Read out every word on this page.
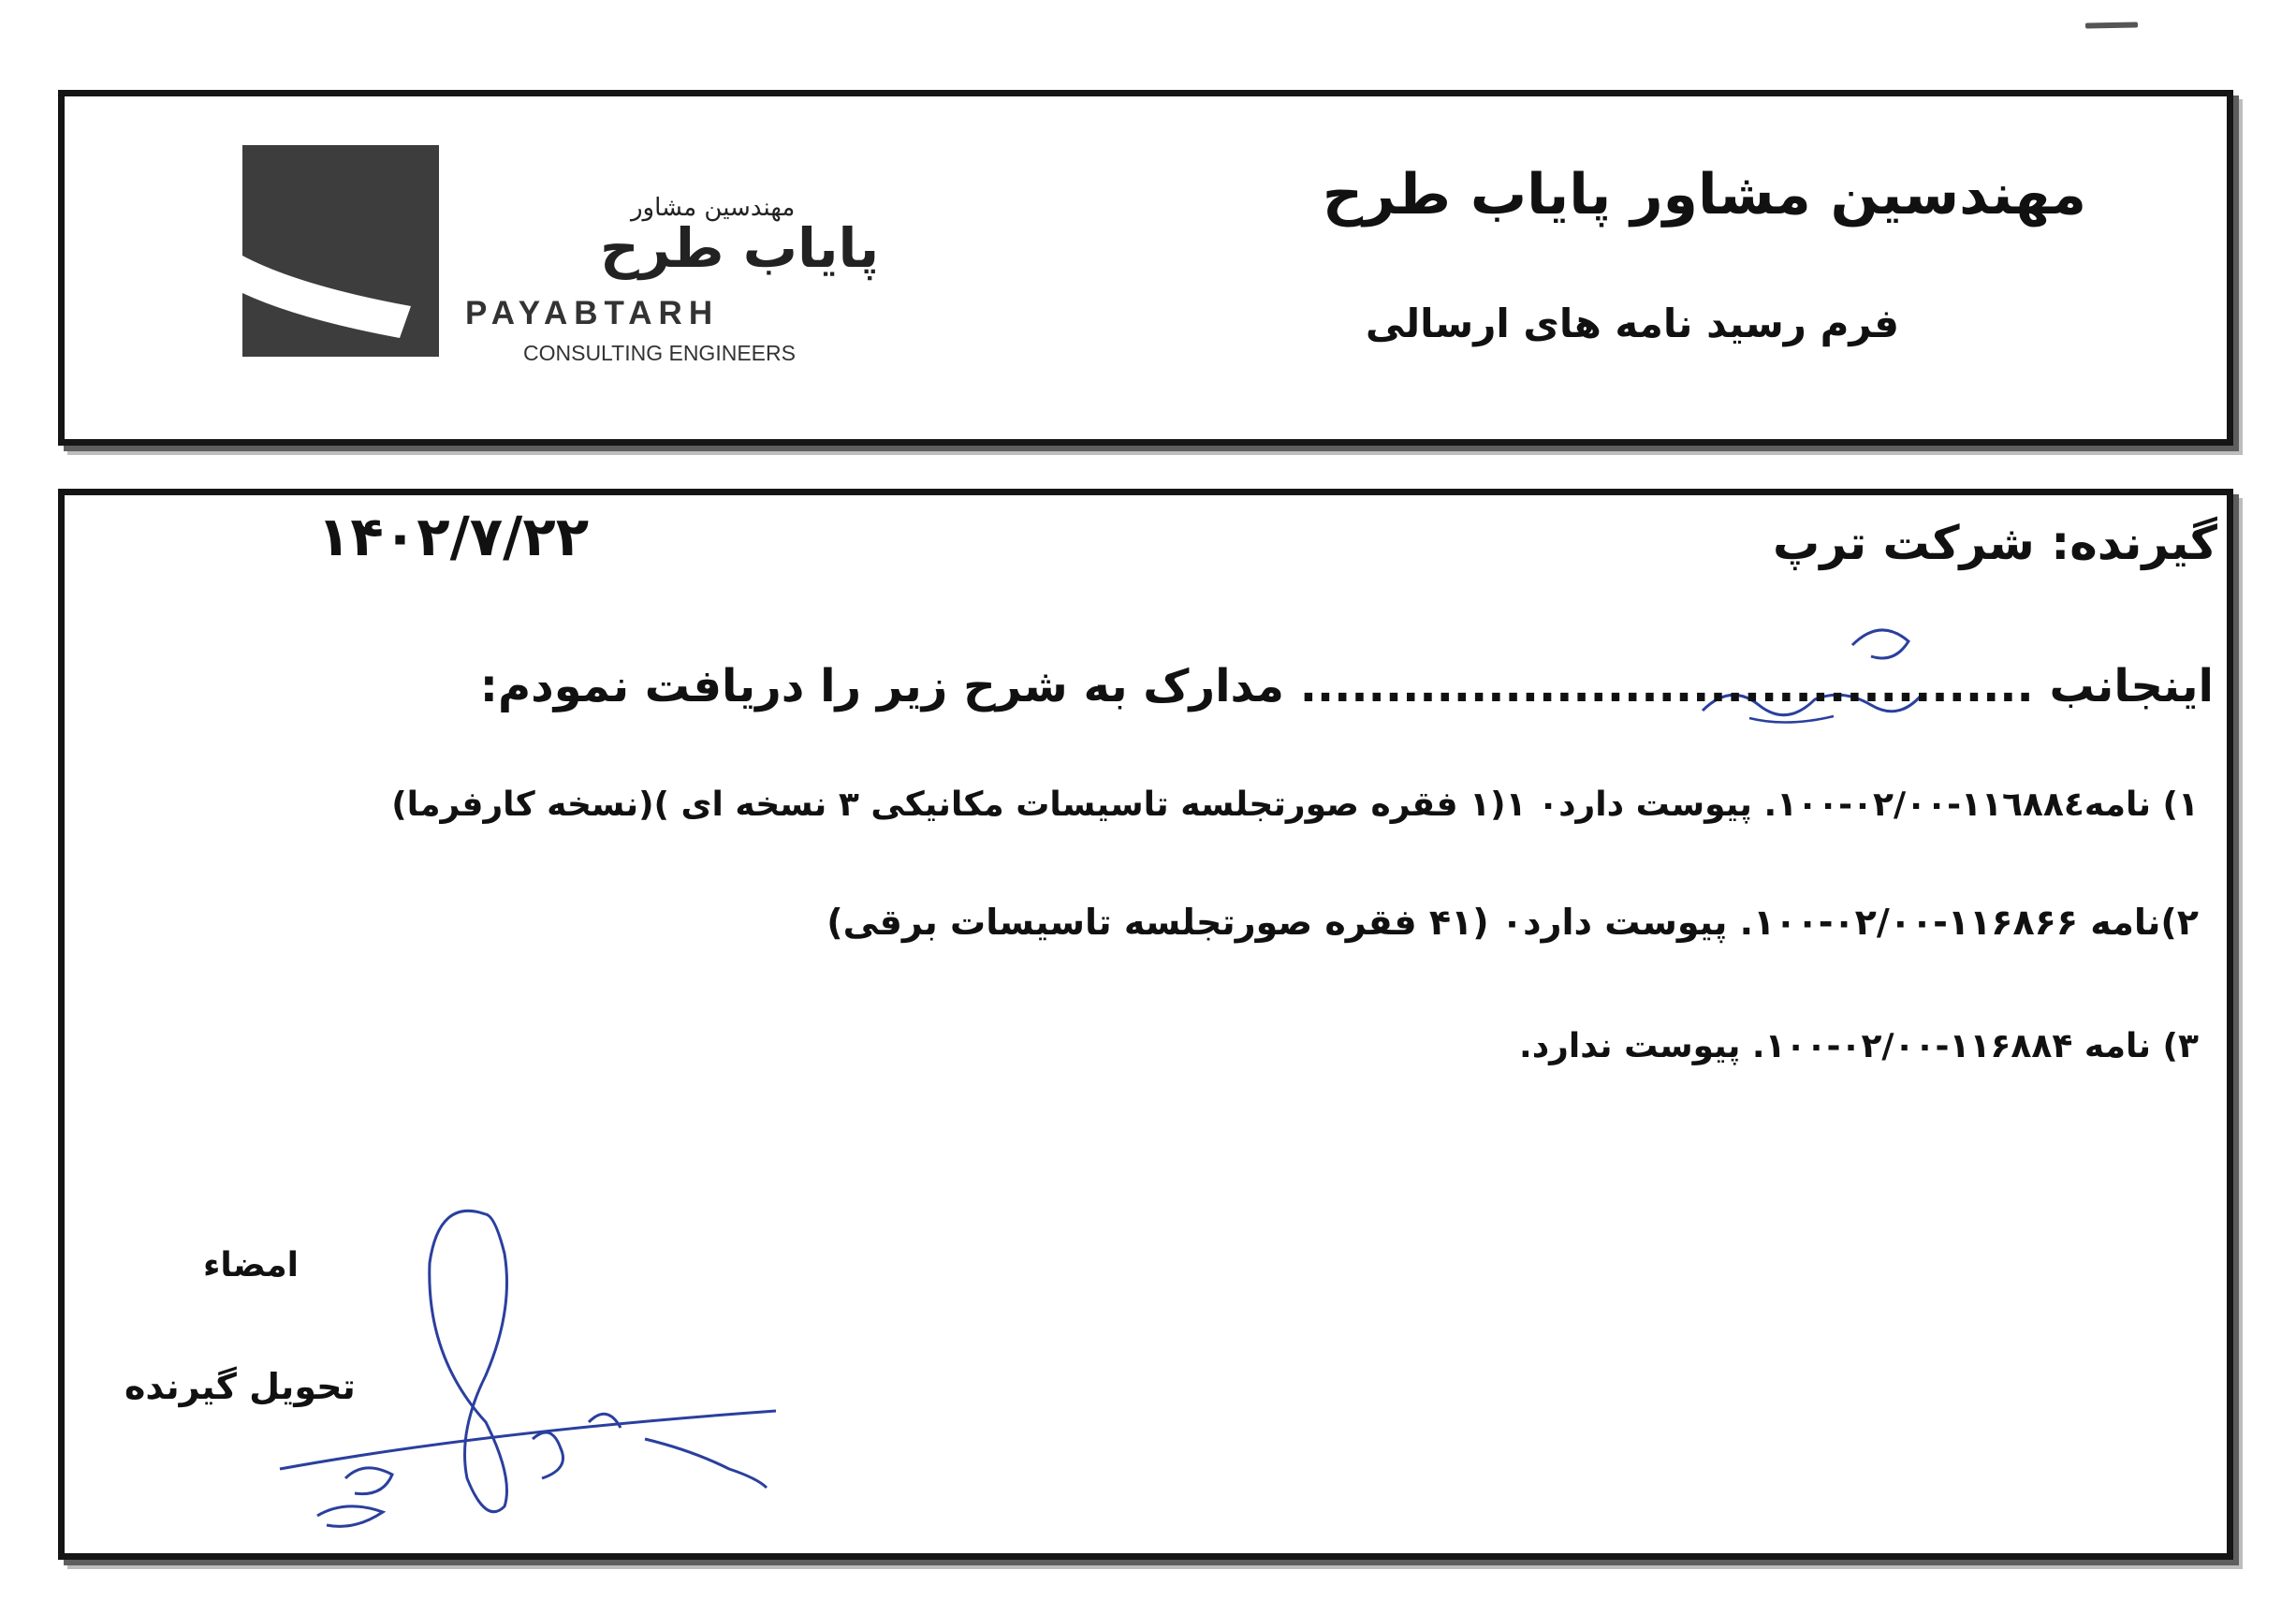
مهندسین مشاور پایاب طرح
فرم رسید نامه های ارسالی
مهندسین مشاور
پایاب طرح
PAYABTARH
CONSULTING ENGINEERS
۱۴۰۲/۷/۲۲	گیرنده: شرکت ترپ
اینجانب ........................................... مدارک به شرح زیر را دریافت نمودم:
۱) نامه۱۱٦٨٨٤-۰۲/۰۰-۱۰۰. پیوست دارد۰ ۱(۱ فقره صورتجلسه تاسیسات مکانیکی ۳ نسخه ای )(نسخه کارفرما)
۲)نامه ۱۱۶۸۶۶-۰۲/۰۰-۱۰۰. پیوست دارد۰ (۴۱ فقره صورتجلسه تاسیسات برقی)
۳) نامه ۱۱۶۸۸۴-۰۲/۰۰-۱۰۰. پیوست ندارد.
امضاء
تحویل گیرنده
